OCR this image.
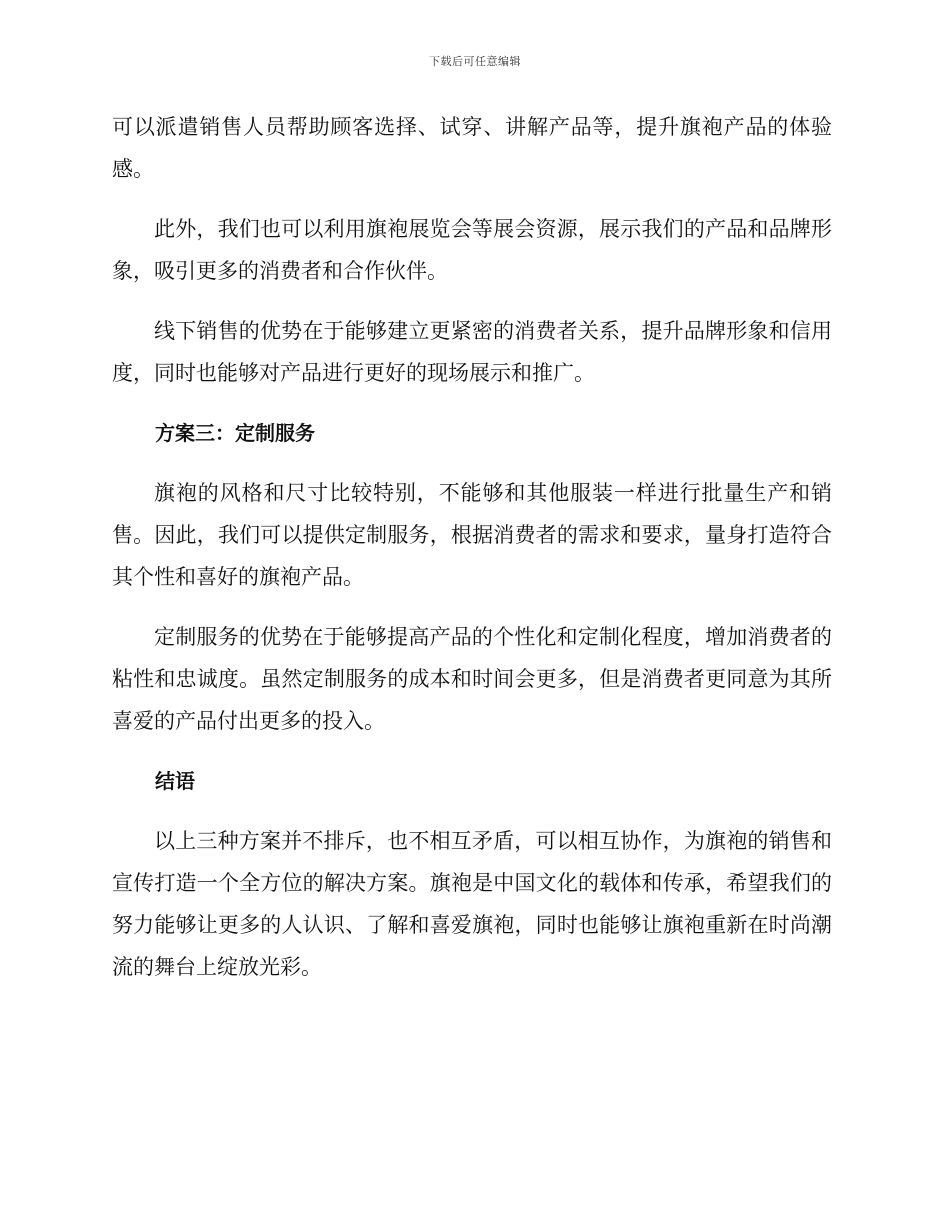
下载后可任意编辑

可以派遣销售人员帮助顾客选择、试穿、讲解产品等，提升旗袍产品的体验感。

此外，我们也可以利用旗袍展览会等展会资源，展示我们的产品和品牌形象，吸引更多的消费者和合作伙伴。

线下销售的优势在于能够建立更紧密的消费者关系，提升品牌形象和信用度，同时也能够对产品进行更好的现场展示和推广。

方案三：定制服务

旗袍的风格和尺寸比较特别，不能够和其他服装一样进行批量生产和销售。因此，我们可以提供定制服务，根据消费者的需求和要求，量身打造符合其个性和喜好的旗袍产品。

定制服务的优势在于能够提高产品的个性化和定制化程度，增加消费者的粘性和忠诚度。虽然定制服务的成本和时间会更多，但是消费者更同意为其所喜爱的产品付出更多的投入。

结语

以上三种方案并不排斥，也不相互矛盾，可以相互协作，为旗袍的销售和宣传打造一个全方位的解决方案。旗袍是中国文化的载体和传承，希望我们的努力能够让更多的人认识、了解和喜爱旗袍，同时也能够让旗袍重新在时尚潮流的舞台上绽放光彩。
